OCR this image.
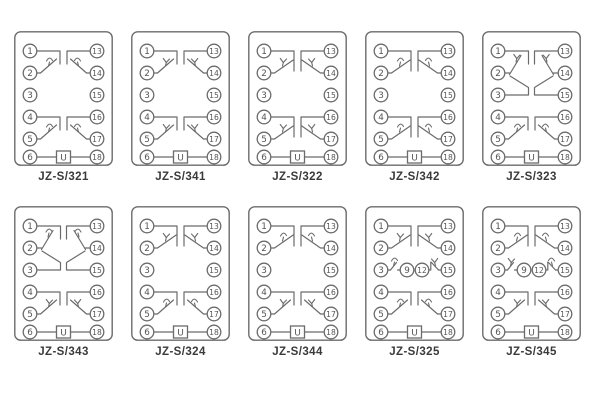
U
1	13
2	14
3	15
4	16
5	17
6	18
JZ-S/321
U
1	13
2	14
3	15
4	16
5	17
6	18
JZ-S/341
U
1	13
2	14
3	15
4	16
5	17
6	18
JZ-S/322
U
1	13
2	14
3	15
4	16
5	17
6	18
JZ-S/342
U
1	13
2	14
3	15
4	16
5	17
6	18
JZ-S/323
U
1	13
2	14
3	15
4	16
5	17
6	18
JZ-S/343
U
1	13
2	14
3	15
4	16
5	17
6	18
JZ-S/324
U
1	13
2	14
3	15
4	16
5	17
6	18
JZ-S/344
U
1	13
2	14
3	15
4	16
5	17
6	18
9 12
JZ-S/325
U
1	13
2	14
3	15
4	16
5	17
6	18
9 12
JZ-S/345
